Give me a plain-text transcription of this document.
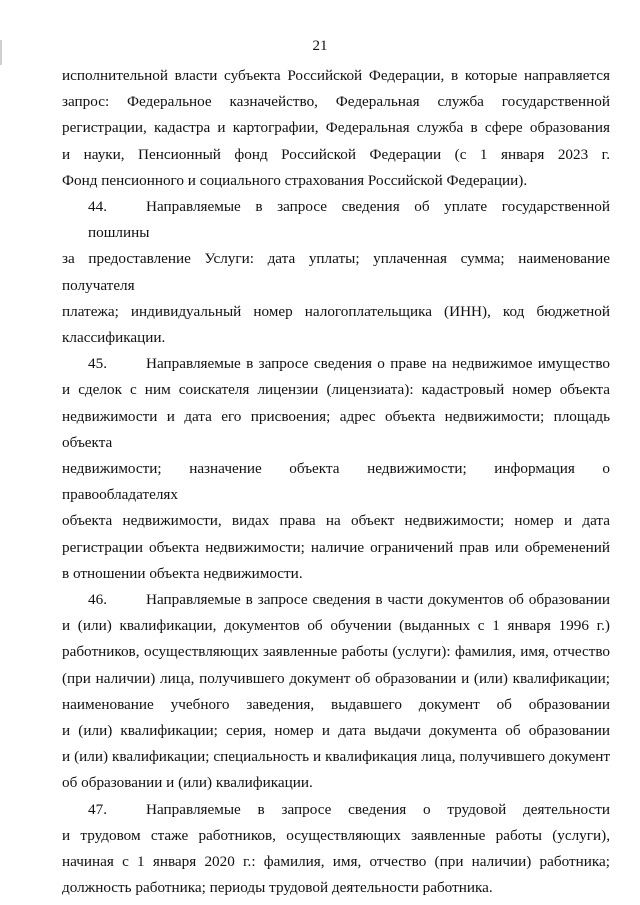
21
исполнительной власти субъекта Российской Федерации, в которые направляется
запрос: Федеральное казначейство, Федеральная служба государственной
регистрации, кадастра и картографии, Федеральная служба в сфере образования
и науки, Пенсионный фонд Российской Федерации (с 1 января 2023 г.
Фонд пенсионного и социального страхования Российской Федерации).
44.	Направляемые в запросе сведения об уплате государственной пошлины
за предоставление Услуги: дата уплаты; уплаченная сумма; наименование получателя
платежа; индивидуальный номер налогоплательщика (ИНН), код бюджетной
классификации.
45.	Направляемые в запросе сведения о праве на недвижимое имущество
и сделок с ним соискателя лицензии (лицензиата): кадастровый номер объекта
недвижимости и дата его присвоения; адрес объекта недвижимости; площадь объекта
недвижимости; назначение объекта недвижимости; информация о правообладателях
объекта недвижимости, видах права на объект недвижимости; номер и дата
регистрации объекта недвижимости; наличие ограничений прав или обременений
в отношении объекта недвижимости.
46.	Направляемые в запросе сведения в части документов об образовании
и (или) квалификации, документов об обучении (выданных с 1 января 1996 г.)
работников, осуществляющих заявленные работы (услуги): фамилия, имя, отчество
(при наличии) лица, получившего документ об образовании и (или) квалификации;
наименование учебного заведения, выдавшего документ об образовании
и (или) квалификации; серия, номер и дата выдачи документа об образовании
и (или) квалификации; специальность и квалификация лица, получившего документ
об образовании и (или) квалификации.
47.	Направляемые в запросе сведения о трудовой деятельности
и трудовом стаже работников, осуществляющих заявленные работы (услуги),
начиная с 1 января 2020 г.: фамилия, имя, отчество (при наличии) работника;
должность работника; периоды трудовой деятельности работника.
